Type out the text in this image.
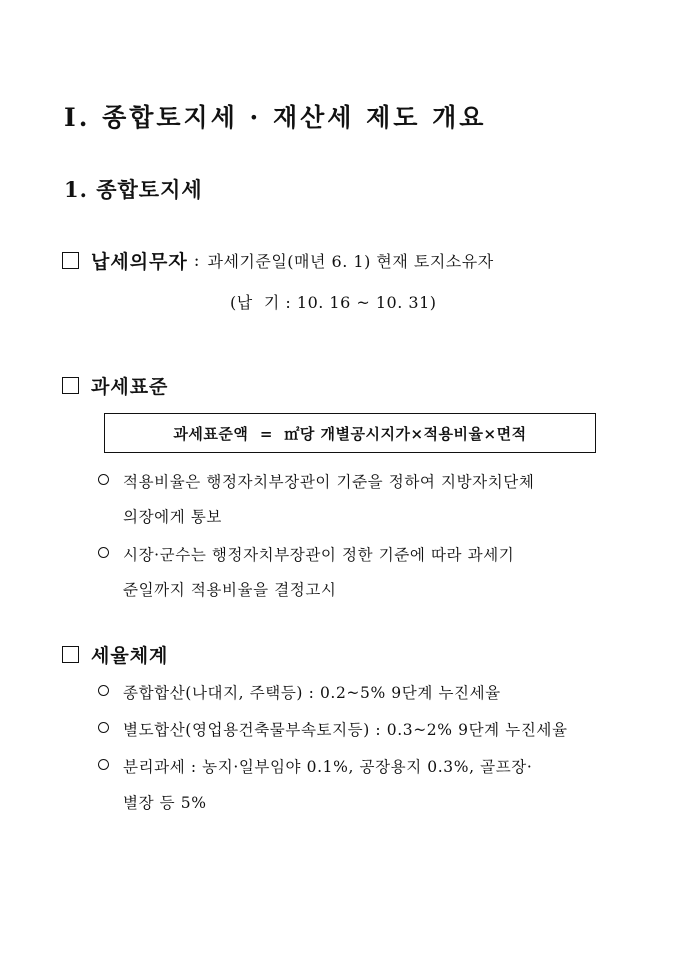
Ⅰ. 종합토지세 · 재산세 제도 개요
1. 종합토지세
납세의무자 : 과세기준일(매년 6. 1) 현재 토지소유자
(납  기 : 10. 16 ~ 10. 31)
과세표준
과세표준액  =  ㎡당 개별공시지가×적용비율×면적
적용비율은 행정자치부장관이 기준을 정하여 지방자치단체
의장에게 통보
시장·군수는 행정자치부장관이 정한 기준에 따라 과세기
준일까지 적용비율을 결정고시
세율체계
종합합산(나대지, 주택등) : 0.2~5% 9단계 누진세율
별도합산(영업용건축물부속토지등) : 0.3~2% 9단계 누진세율
분리과세 : 농지·일부임야 0.1%, 공장용지 0.3%, 골프장·
별장 등 5%
